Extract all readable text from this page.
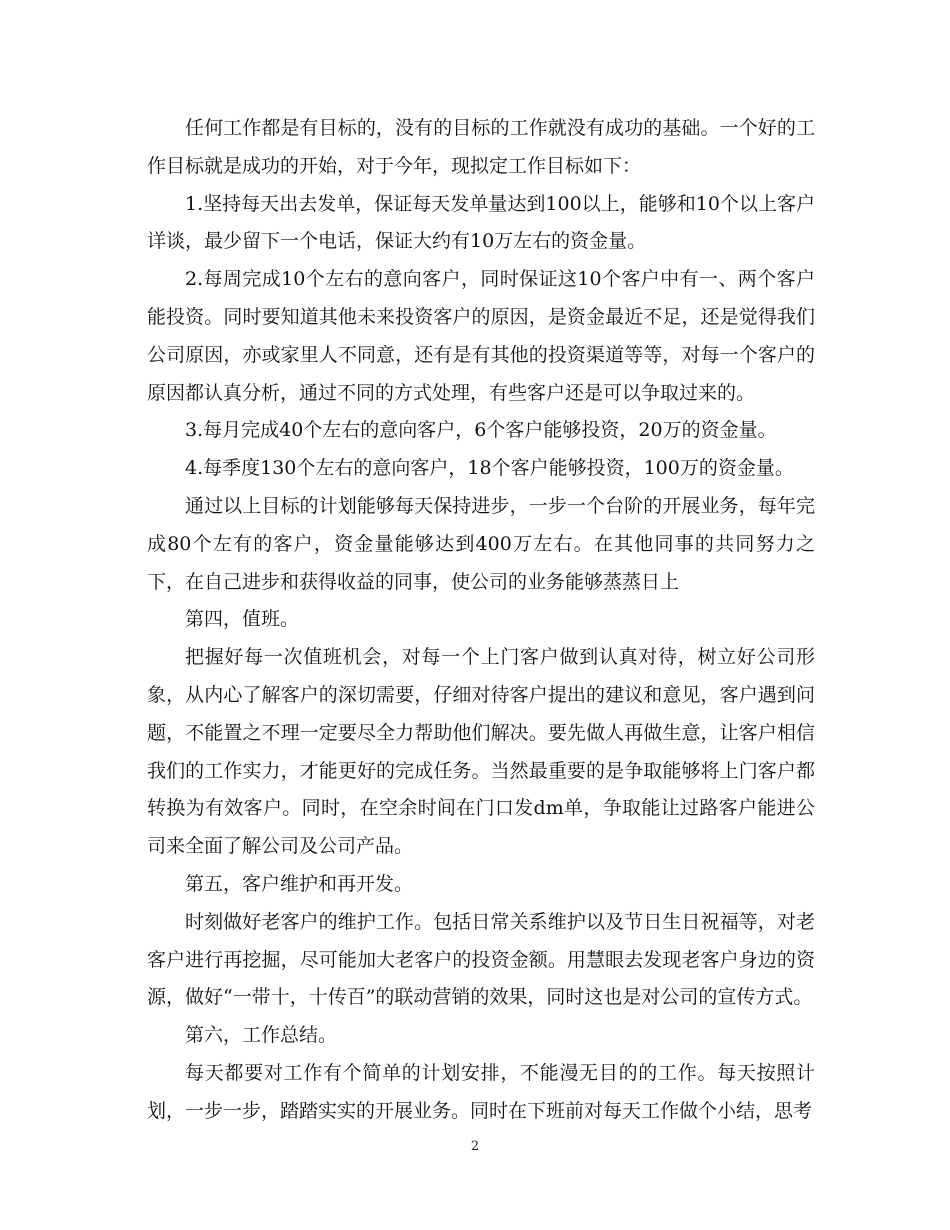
任何工作都是有目标的，没有的目标的工作就没有成功的基础。一个好的工作目标就是成功的开始，对于今年，现拟定工作目标如下：

1.坚持每天出去发单，保证每天发单量达到100以上，能够和10个以上客户详谈，最少留下一个电话，保证大约有10万左右的资金量。

2.每周完成10个左右的意向客户，同时保证这10个客户中有一、两个客户能投资。同时要知道其他未来投资客户的原因，是资金最近不足，还是觉得我们公司原因，亦或家里人不同意，还有是有其他的投资渠道等等，对每一个客户的原因都认真分析，通过不同的方式处理，有些客户还是可以争取过来的。

3.每月完成40个左右的意向客户，6个客户能够投资，20万的资金量。

4.每季度130个左右的意向客户，18个客户能够投资，100万的资金量。

通过以上目标的计划能够每天保持进步，一步一个台阶的开展业务，每年完成80个左有的客户，资金量能够达到400万左右。在其他同事的共同努力之下，在自己进步和获得收益的同事，使公司的业务能够蒸蒸日上

第四，值班。

把握好每一次值班机会，对每一个上门客户做到认真对待，树立好公司形象，从内心了解客户的深切需要，仔细对待客户提出的建议和意见，客户遇到问题，不能置之不理一定要尽全力帮助他们解决。要先做人再做生意，让客户相信我们的工作实力，才能更好的完成任务。当然最重要的是争取能够将上门客户都转换为有效客户。同时，在空余时间在门口发dm单，争取能让过路客户能进公司来全面了解公司及公司产品。

第五，客户维护和再开发。

时刻做好老客户的维护工作。包括日常关系维护以及节日生日祝福等，对老客户进行再挖掘，尽可能加大老客户的投资金额。用慧眼去发现老客户身边的资源，做好“一带十，十传百”的联动营销的效果，同时这也是对公司的宣传方式。

第六，工作总结。

每天都要对工作有个简单的计划安排，不能漫无目的的工作。每天按照计划，一步一步，踏踏实实的开展业务。同时在下班前对每天工作做个小结，思考

2
